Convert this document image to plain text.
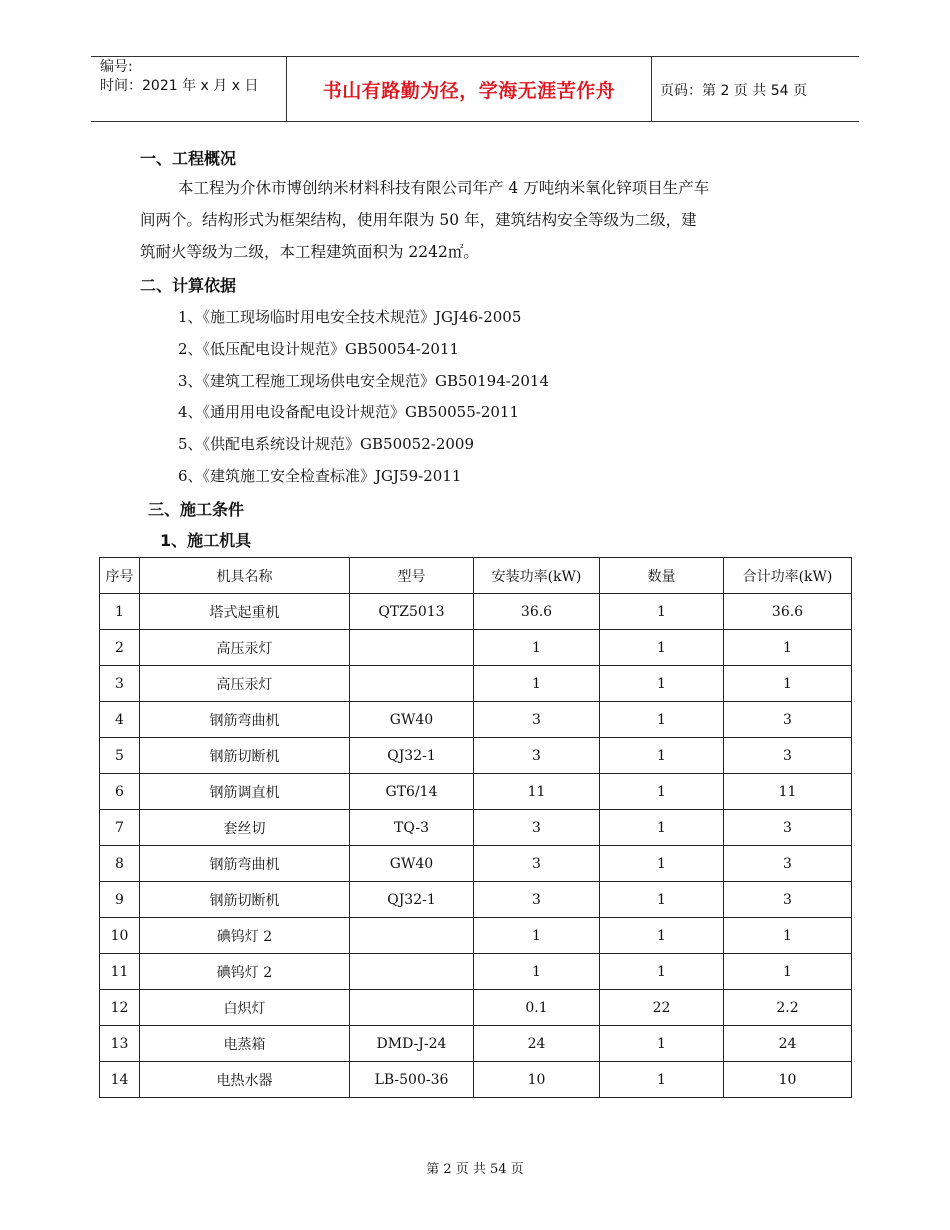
编号:
时间：2021 年 x 月 x 日	书山有路勤为径，学海无涯苦作舟	页码：第 2 页 共 54 页
一、工程概况
本工程为介休市博创纳米材料科技有限公司年产 4 万吨纳米氧化锌项目生产车
间两个。结构形式为框架结构，使用年限为 50 年，建筑结构安全等级为二级，建
筑耐火等级为二级，本工程建筑面积为 2242㎡。
二、计算依据
1、《施工现场临时用电安全技术规范》JGJ46-2005
2、《低压配电设计规范》GB50054-2011
3、《建筑工程施工现场供电安全规范》GB50194-2014
4、《通用用电设备配电设计规范》GB50055-2011
5、《供配电系统设计规范》GB50052-2009
6、《建筑施工安全检查标准》JGJ59-2011
三、施工条件
1、施工机具
序号	机具名称	型号	安装功率(kW)	数量	合计功率(kW)
1	塔式起重机	QTZ5013	36.6	1	36.6
2	高压汞灯		1	1	1
3	高压汞灯		1	1	1
4	钢筋弯曲机	GW40	3	1	3
5	钢筋切断机	QJ32-1	3	1	3
6	钢筋调直机	GT6/14	11	1	11
7	套丝切	TQ-3	3	1	3
8	钢筋弯曲机	GW40	3	1	3
9	钢筋切断机	QJ32-1	3	1	3
10	碘钨灯 2		1	1	1
11	碘钨灯 2		1	1	1
12	白炽灯		0.1	22	2.2
13	电蒸箱	DMD-J-24	24	1	24
14	电热水器	LB-500-36	10	1	10
第 2 页 共 54 页
